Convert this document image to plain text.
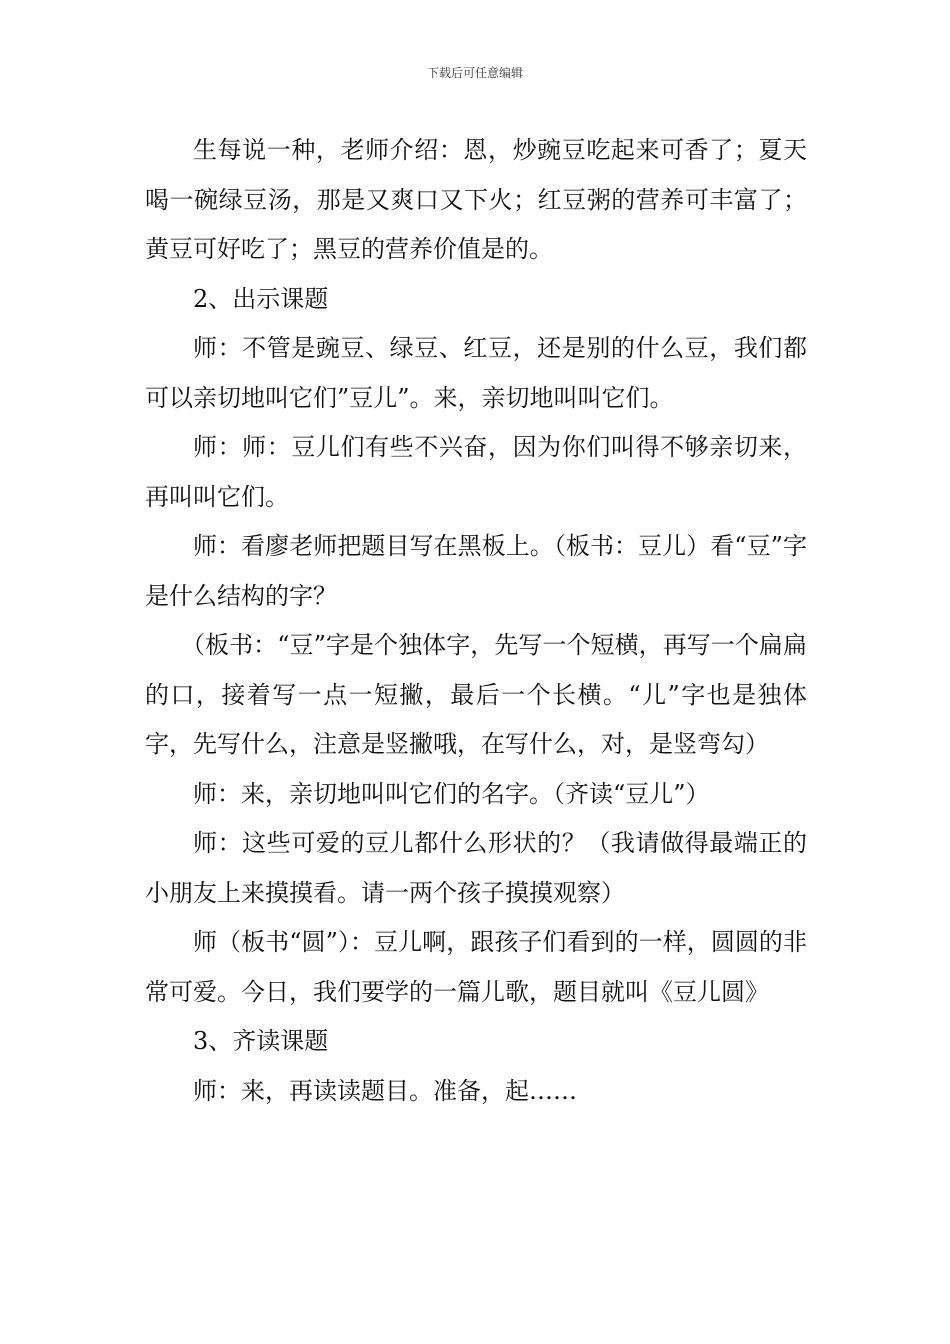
下载后可任意编辑

生每说一种，老师介绍：恩，炒豌豆吃起来可香了；夏天喝一碗绿豆汤，那是又爽口又下火；红豆粥的营养可丰富了；黄豆可好吃了；黑豆的营养价值是的。

2、出示课题

师：不管是豌豆、绿豆、红豆，还是别的什么豆，我们都可以亲切地叫它们”豆儿”。来，亲切地叫叫它们。

师：师：豆儿们有些不兴奋，因为你们叫得不够亲切来，再叫叫它们。

师：看廖老师把题目写在黑板上。（板书：豆儿）看“豆”字是什么结构的字？

（板书：“豆”字是个独体字，先写一个短横，再写一个扁扁的口，接着写一点一短撇，最后一个长横。“儿”字也是独体字，先写什么，注意是竖撇哦，在写什么，对，是竖弯勾）

师：来，亲切地叫叫它们的名字。（齐读“豆儿”）

师：这些可爱的豆儿都什么形状的？（我请做得最端正的小朋友上来摸摸看。请一两个孩子摸摸观察）

师（板书“圆”）：豆儿啊，跟孩子们看到的一样，圆圆的非常可爱。今日，我们要学的一篇儿歌，题目就叫《豆儿圆》

3、齐读课题

师：来，再读读题目。准备，起……
